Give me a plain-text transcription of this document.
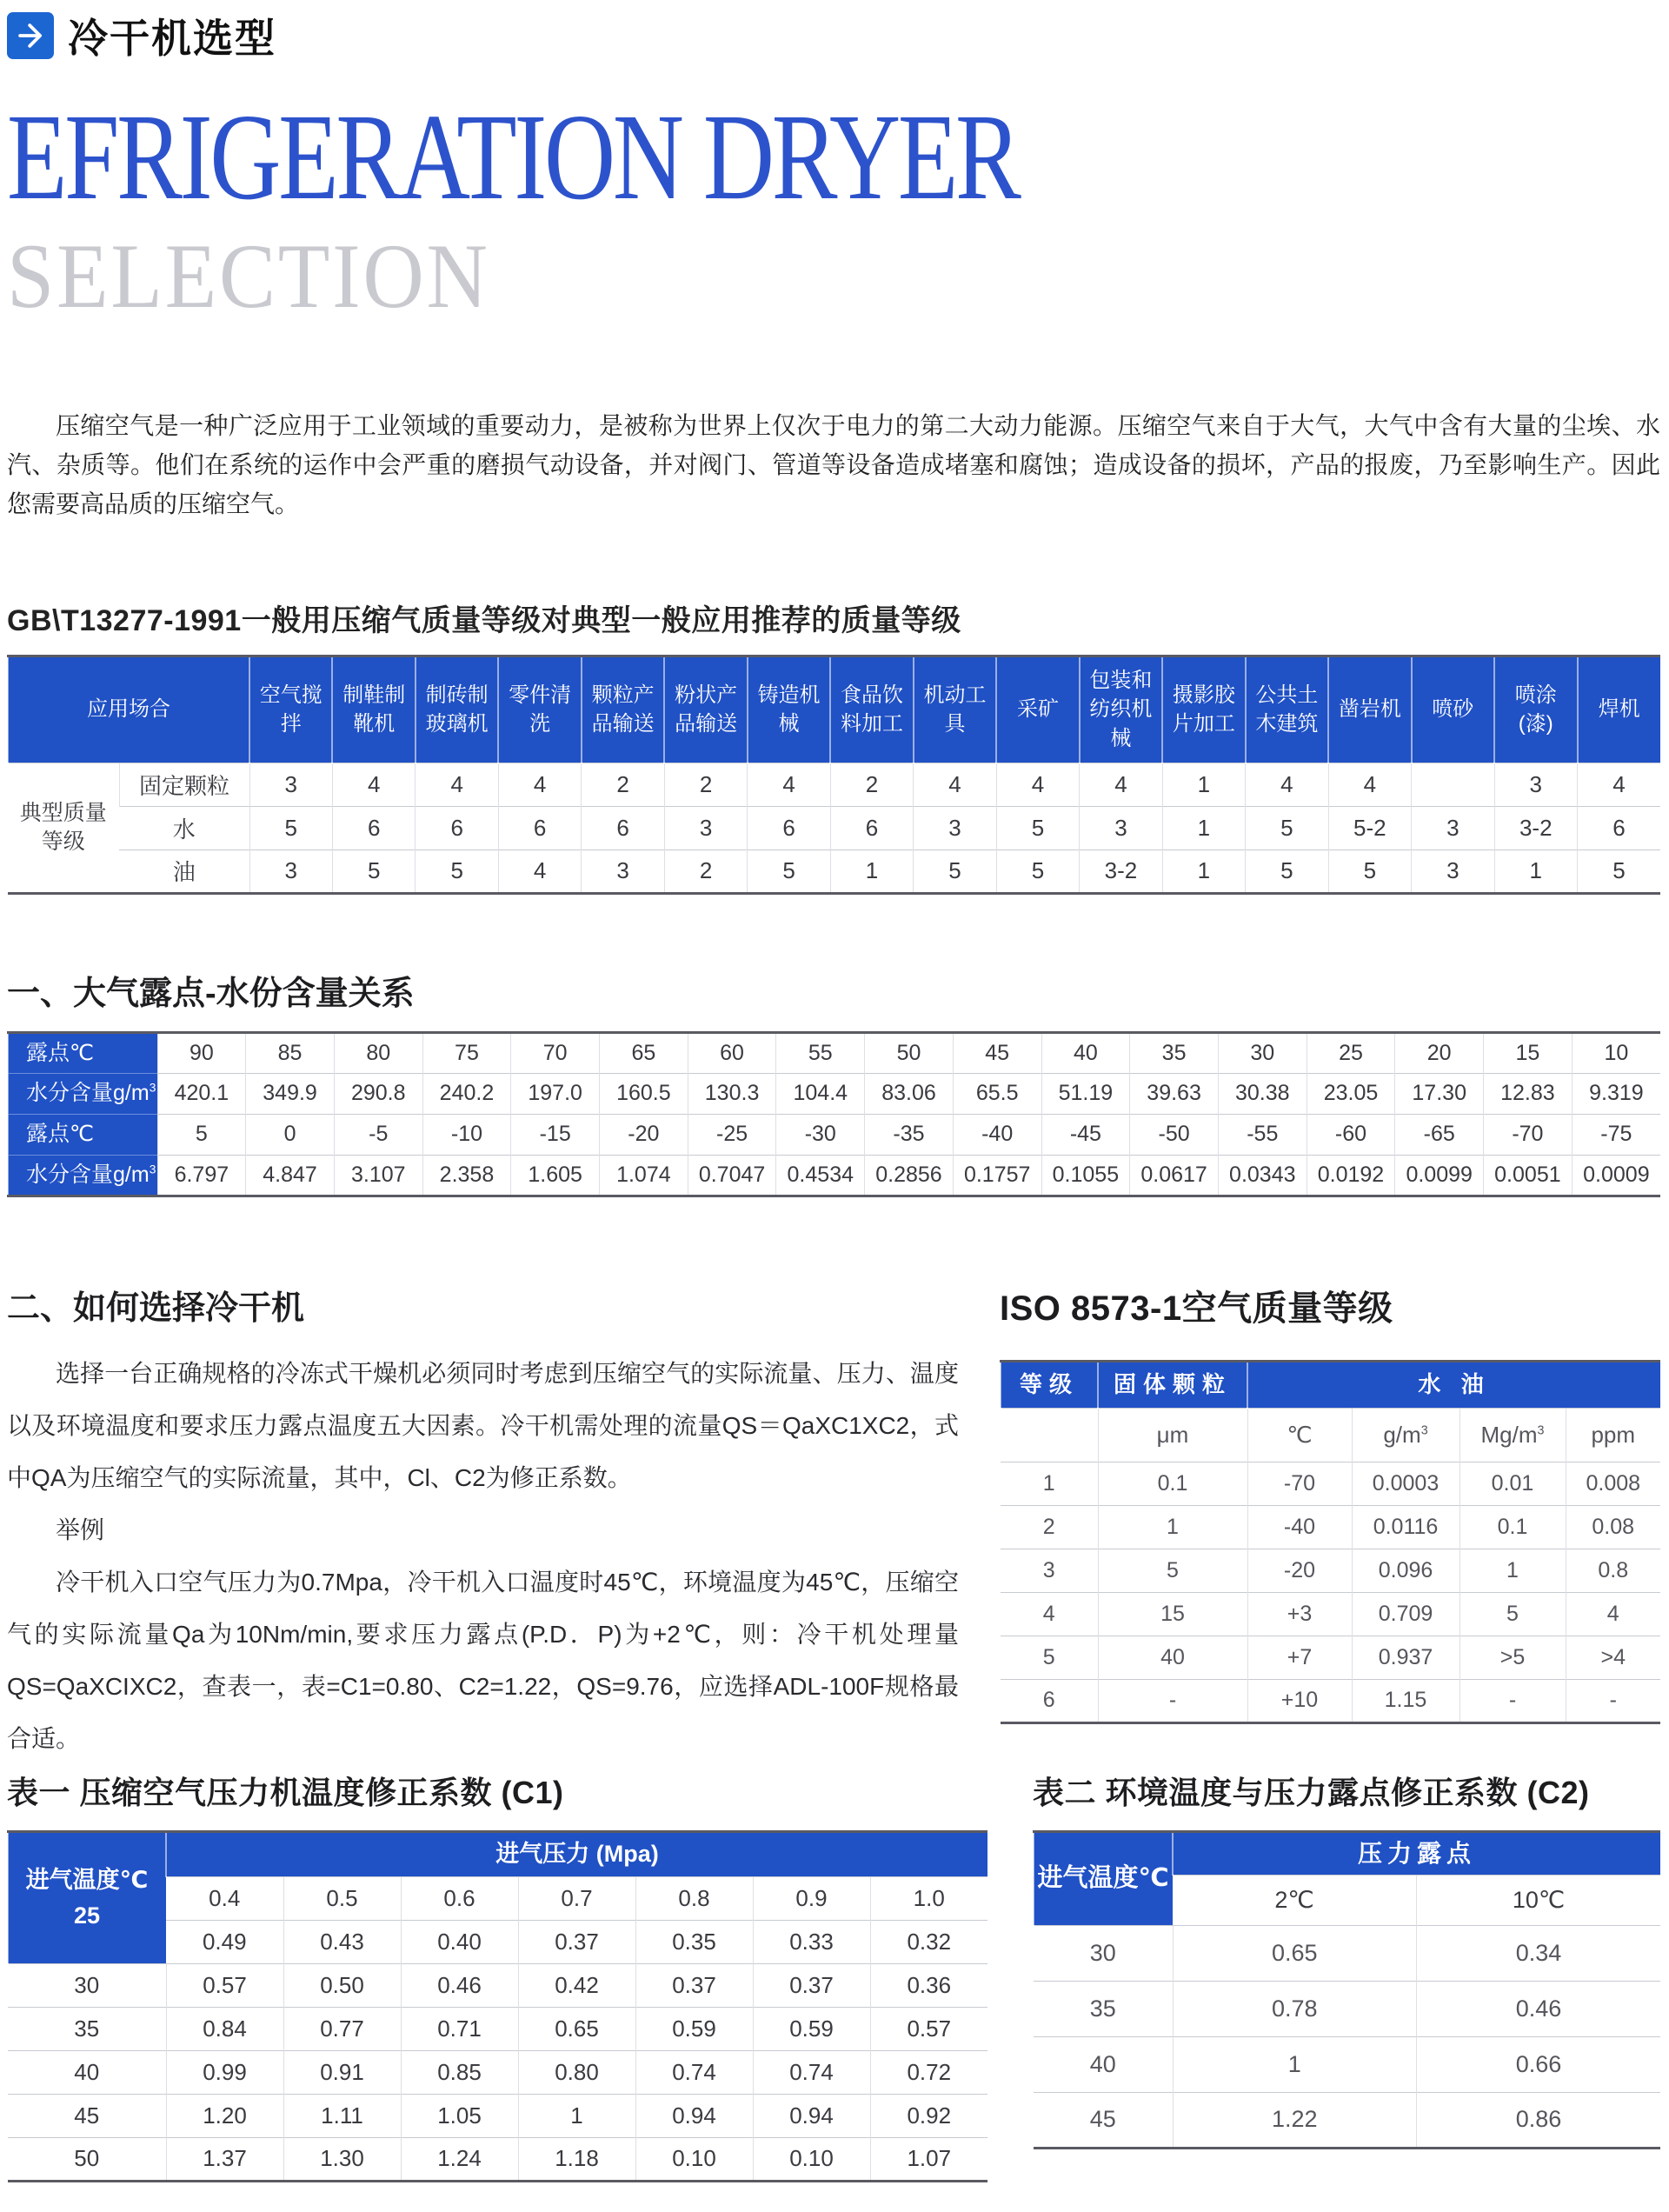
冷干机选型
EFRIGERATION DRYER
SELECTION

压缩空气是一种广泛应用于工业领域的重要动力，是被称为世界上仅次于电力的第二大动力能源。压缩空气来自于大气，大气中含有大量的尘埃、水汽、杂质等。他们在系统的运作中会严重的磨损气动设备，并对阀门、管道等设备造成堵塞和腐蚀；造成设备的损坏，产品的报废，乃至影响生产。因此您需要高品质的压缩空气。

GB\T13277-1991一般用压缩气质量等级对典型一般应用推荐的质量等级
应用场合		空气搅拌	制鞋制靴机	制砖制玻璃机	零件清洗	颗粒产品输送	粉状产品输送	铸造机械	食品饮料加工	机动工具	采矿	包装和纺织机械	摄影胶片加工	公共土木建筑	凿岩机	喷砂	喷涂(漆)	焊机
典型质量等级	固定颗粒	3	4	4	4	2	2	4	2	4	4	4	1	4	4		3	4
	水	5	6	6	6	6	3	6	6	3	5	3	1	5	5-2	3	3-2	6
	油	3	5	5	4	3	2	5	1	5	5	3-2	1	5	5	3	1	5
一、大气露点-水份含量关系
露点℃	90	85	80	75	70	65	60	55	50	45	40	35	30	25	20	15	10
水分含量$g/m^3$	420.1	349.9	290.8	240.2	197.0	160.5	130.3	104.4	83.06	65.5	51.19	39.63	30.38	23.05	17.30	12.83	9.319
露点℃	5	0	-5	-10	-15	-20	-25	-30	-35	-40	-45	-50	-55	-60	-65	-70	-75
水分含量$g/m^3$	6.797	4.847	3.107	2.358	1.605	1.074	0.7047	0.4534	0.2856	0.1757	0.1055	0.0617	0.0343	0.0192	0.0099	0.0051	0.0009
二、如何选择冷干机

选择一台正确规格的冷冻式干燥机必须同时考虑到压缩空气的实际流量、压力、温度以及环境温度和要求压力露点温度五大因素。冷干机需处理的流量QS＝QaXC1XC2，式中QA为压缩空气的实际流量，其中，Cl、C2为修正系数。

举例

冷干机入口空气压力为0.7Mpa，冷干机入口温度时45℃，环境温度为45℃，压缩空气的实际流量Qa为10Nm/min,要求压力露点(P.D．P)为+2℃，则：冷干机处理量QS=QaXCIXC2，查表一，表=C1=0.80、C2=1.22，QS=9.76，应选择ADL-100F规格最合适。

ISO 8573-1空气质量等级
等级	固体颗粒	水 油			
	μm	℃	$g/m^3$	$Mg/m^3$	ppm
1	0.1	-70	0.0003	0.01	0.008
2	1	-40	0.0116	0.1	0.08
3	5	-20	0.096	1	0.8
4	15	+3	0.709	5	4
5	40	+7	0.937	>5	>4
6	-	+10	1.15	-	-
表一 压缩空气压力机温度修正系数 (C1)
进气温度℃
25	进气压力 (Mpa)						
	0.4	0.5	0.6	0.7	0.8	0.9	1.0
	0.49	0.43	0.40	0.37	0.35	0.33	0.32
30	0.57	0.50	0.46	0.42	0.37	0.37	0.36
35	0.84	0.77	0.71	0.65	0.59	0.59	0.57
40	0.99	0.91	0.85	0.80	0.74	0.74	0.72
45	1.20	1.11	1.05	1	0.94	0.94	0.92
50	1.37	1.30	1.24	1.18	0.10	0.10	1.07
表二 环境温度与压力露点修正系数 (C2)
进气温度℃	压力露点	
	2℃	10℃
30	0.65	0.34
35	0.78	0.46
40	1	0.66
45	1.22	0.86
